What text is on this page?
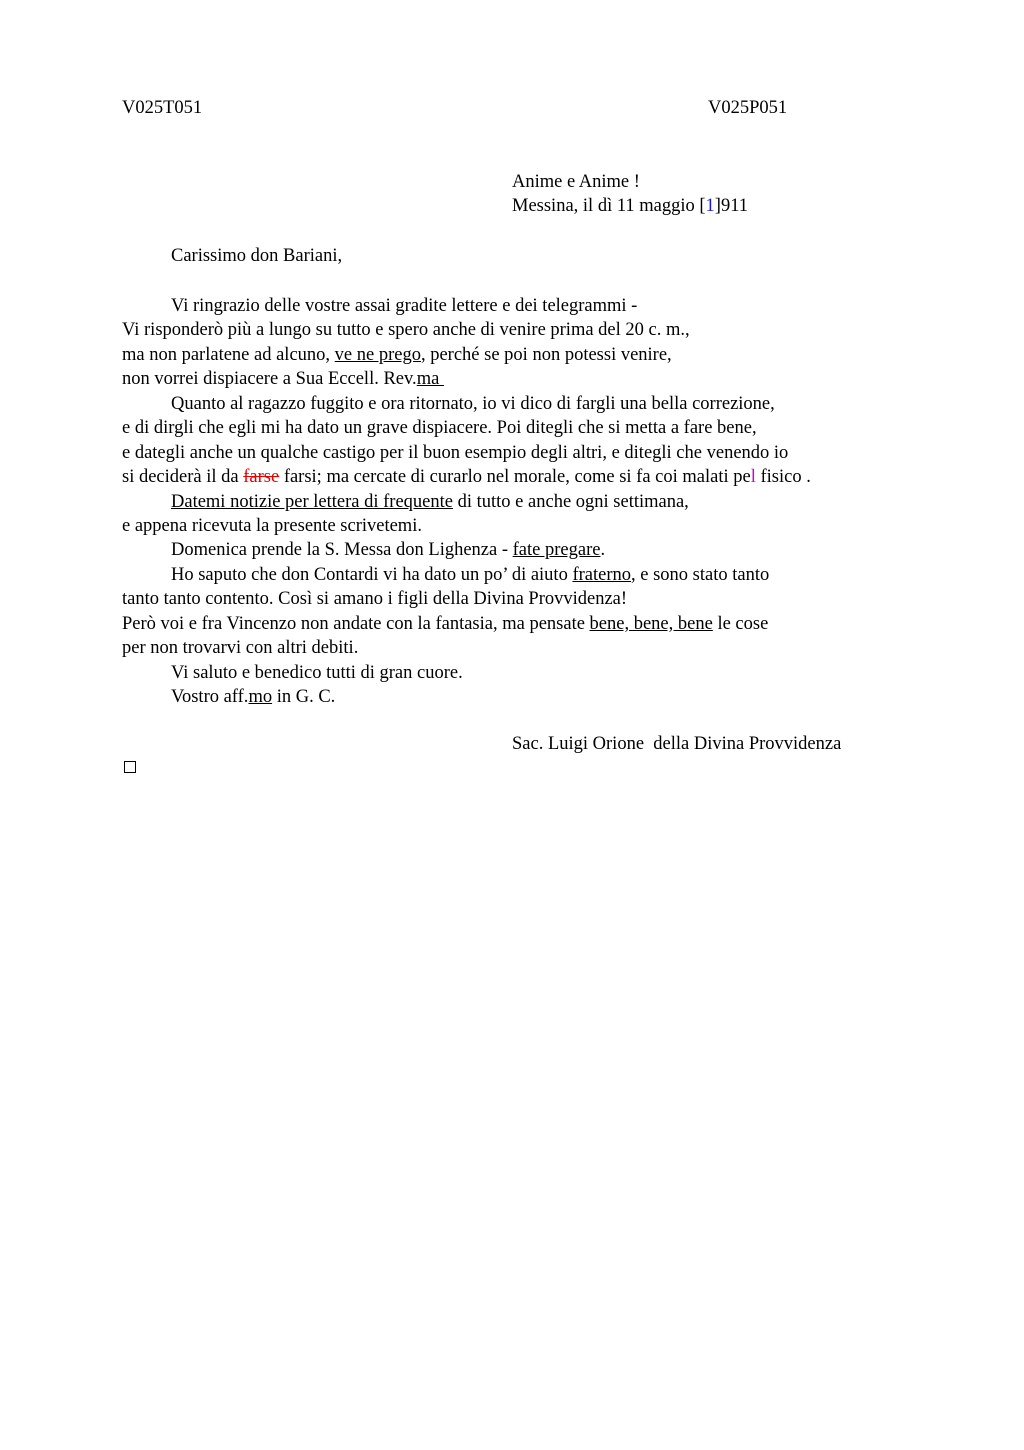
V025T051	V025P051
Anime e Anime !
Messina, il dì 11 maggio [1]911
Carissimo don Bariani,
Vi ringrazio delle vostre assai gradite lettere e dei telegrammi -
Vi risponderò più a lungo su tutto e spero anche di venire prima del 20 c. m.,
ma non parlatene ad alcuno, ve ne prego, perché se poi non potessi venire,
non vorrei dispiacere a Sua Eccell. Rev.ma
Quanto al ragazzo fuggito e ora ritornato, io vi dico di fargli una bella correzione,
e di dirgli che egli mi ha dato un grave dispiacere. Poi ditegli che si metta a fare bene,
e dategli anche un qualche castigo per il buon esempio degli altri, e ditegli che venendo io
si deciderà il da farse farsi; ma cercate di curarlo nel morale, come si fa coi malati pel fisico .
Datemi notizie per lettera di frequente di tutto e anche ogni settimana,
e appena ricevuta la presente scrivetemi.
Domenica prende la S. Messa don Lighenza - fate pregare.
Ho saputo che don Contardi vi ha dato un po’ di aiuto fraterno, e sono stato tanto
tanto tanto contento. Così si amano i figli della Divina Provvidenza!
Però voi e fra Vincenzo non andate con la fantasia, ma pensate bene, bene, bene le cose
per non trovarvi con altri debiti.
Vi saluto e benedico tutti di gran cuore.
Vostro aff.mo in G. C.
Sac. Luigi Orione  della Divina Provvidenza
